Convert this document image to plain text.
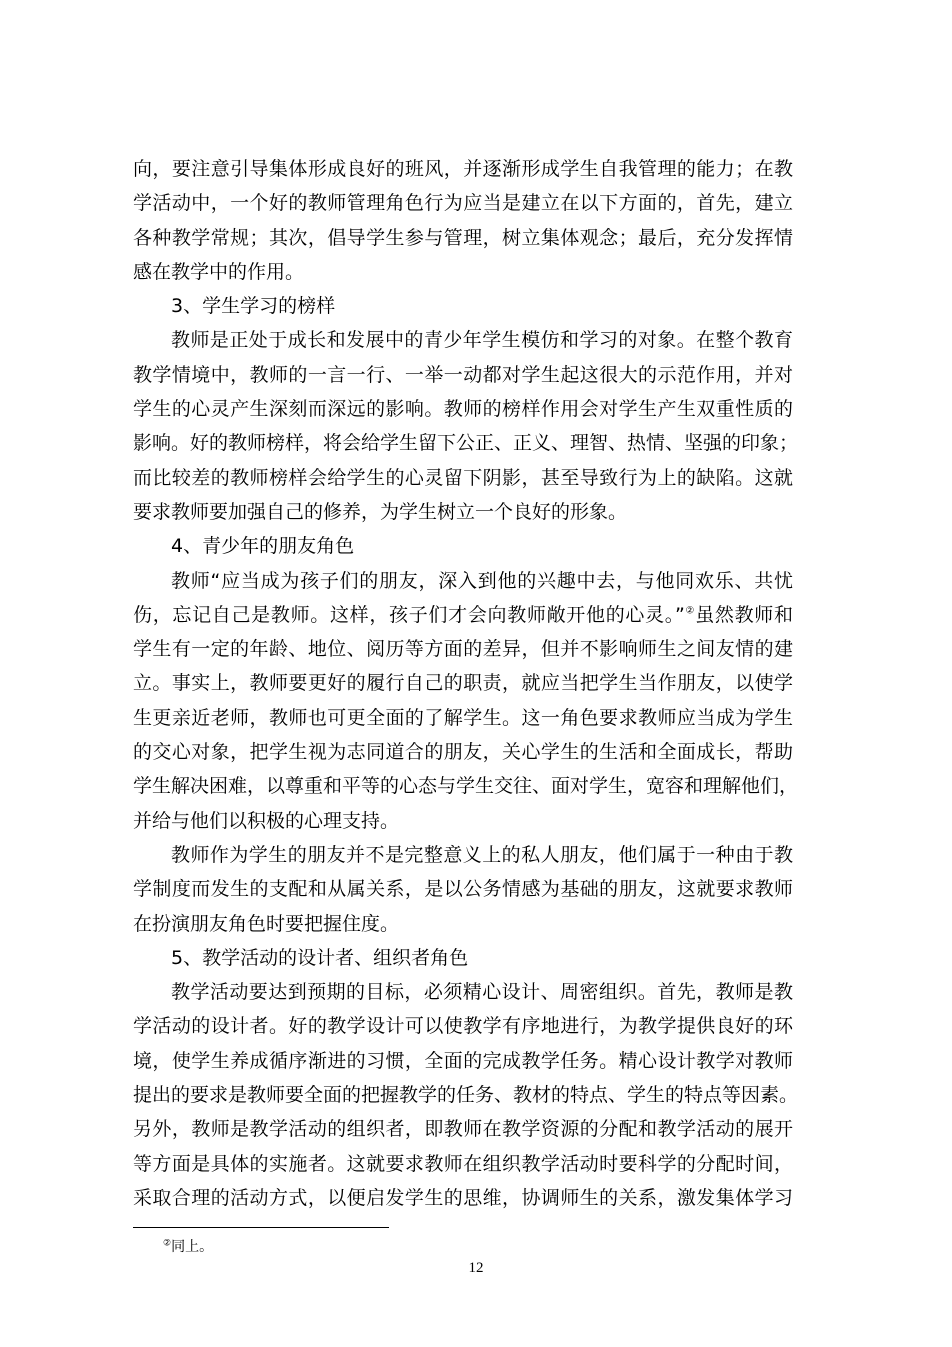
向，要注意引导集体形成良好的班风，并逐渐形成学生自我管理的能力；在教
学活动中，一个好的教师管理角色行为应当是建立在以下方面的，首先，建立
各种教学常规；其次，倡导学生参与管理，树立集体观念；最后，充分发挥情
感在教学中的作用。
3、学生学习的榜样
教师是正处于成长和发展中的青少年学生模仿和学习的对象。在整个教育
教学情境中，教师的一言一行、一举一动都对学生起这很大的示范作用，并对
学生的心灵产生深刻而深远的影响。教师的榜样作用会对学生产生双重性质的
影响。好的教师榜样，将会给学生留下公正、正义、理智、热情、坚强的印象；
而比较差的教师榜样会给学生的心灵留下阴影，甚至导致行为上的缺陷。这就
要求教师要加强自己的修养，为学生树立一个良好的形象。
4、青少年的朋友角色
教师“应当成为孩子们的朋友，深入到他的兴趣中去，与他同欢乐、共忧
伤，忘记自己是教师。这样，孩子们才会向教师敞开他的心灵。”②虽然教师和
学生有一定的年龄、地位、阅历等方面的差异，但并不影响师生之间友情的建
立。事实上，教师要更好的履行自己的职责，就应当把学生当作朋友，以使学
生更亲近老师，教师也可更全面的了解学生。这一角色要求教师应当成为学生
的交心对象，把学生视为志同道合的朋友，关心学生的生活和全面成长，帮助
学生解决困难，以尊重和平等的心态与学生交往、面对学生，宽容和理解他们，
并给与他们以积极的心理支持。
教师作为学生的朋友并不是完整意义上的私人朋友，他们属于一种由于教
学制度而发生的支配和从属关系，是以公务情感为基础的朋友，这就要求教师
在扮演朋友角色时要把握住度。
5、教学活动的设计者、组织者角色
教学活动要达到预期的目标，必须精心设计、周密组织。首先，教师是教
学活动的设计者。好的教学设计可以使教学有序地进行，为教学提供良好的环
境，使学生养成循序渐进的习惯，全面的完成教学任务。精心设计教学对教师
提出的要求是教师要全面的把握教学的任务、教材的特点、学生的特点等因素。
另外，教师是教学活动的组织者，即教师在教学资源的分配和教学活动的展开
等方面是具体的实施者。这就要求教师在组织教学活动时要科学的分配时间，
采取合理的活动方式，以便启发学生的思维，协调师生的关系，激发集体学习
②同上。
12
